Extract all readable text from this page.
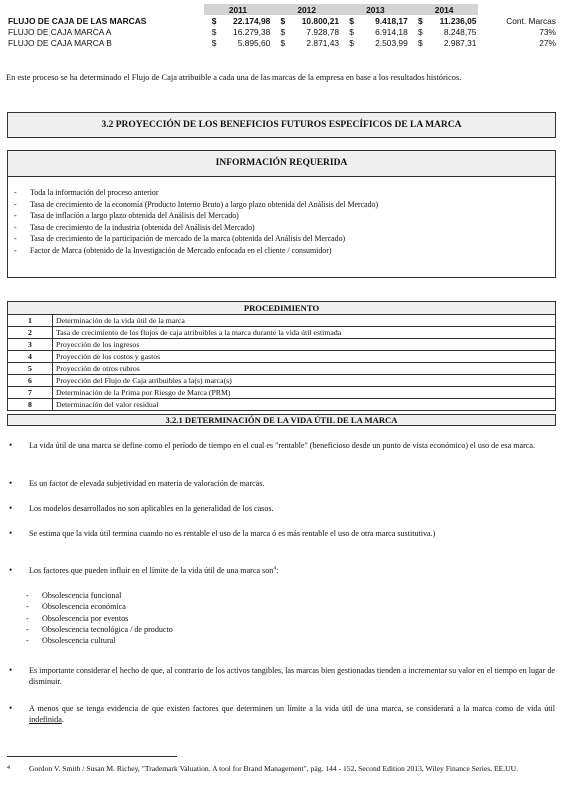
	2011		2012		2013		2014		
FLUJO DE CAJA DE LAS MARCAS	$	22.174,98	$	10.800,21	$	9.418,17	$	11.236,05	Cont. Marcas
FLUJO DE CAJA MARCA A	$	16.279,38	$	7.928,78	$	6.914,18	$	8.248,75	73%
FLUJO DE CAJA MARCA B	$	5.895,60	$	2.871,43	$	2.503,99	$	2.987,31	27%

En este proceso se ha determinado el Flujo de Caja atribuible a cada una de las marcas de la empresa en base a los resultados históricos.

3.2 PROYECCIÓN DE LOS BENEFICIOS FUTUROS ESPECÍFICOS DE LA MARCA
INFORMACIÓN REQUERIDA
- Toda la información del proceso anterior
- Tasa de crecimiento de la economía (Producto Interno Bruto) a largo plazo obtenida del Análisis del Mercado)
- Tasa de inflación a largo plazo obtenida del Análisis del Mercado)
- Tasa de crecimiento de la industria (obtenida del Análisis del Mercado)
- Tasa de crecimiento de la participación de mercado de la marca (obtenida del Análisis del Mercado)
- Factor de Marca (obtenido de la Investigación de Mercado enfocada en el cliente / consumidor)
PROCEDIMIENTO	
1	Determinación de la vida útil de la marca
2	Tasa de crecimiento de los flujos de caja atribuibles a la marca durante la vida útil estimada
3	Proyección de los ingresos
4	Proyección de los costos y gastos
5	Proyección de otros rubros
6	Proyección del Flujo de Caja atribuibles a la(s) marca(s)
7	Determinación de la Prima por Riesgo de Marca (PRM)
8	Determinación del valor residual
3.2.1 DETERMINACIÓN DE LA VIDA ÚTIL DE LA MARCA
• La vida útil de una marca se define como el período de tiempo en el cual es "rentable" (beneficioso desde un punto de vista económico) el uso de esa marca.
• Es un factor de elevada subjetividad en materia de valoración de marcas.
• Los modelos desarrollados no son aplicables en la generalidad de los casos.
• Se estima que la vida útil termina cuando no es rentable el uso de la marca ó es más rentable el uso de otra marca sustitutiva.)
• Los factores que pueden influir en el límite de la vida útil de una marca son$^4$:
- Obsolescencia funcional
- Obsolescencia económica
- Obsolescencia por eventos
- Obsolescencia tecnológica / de producto
- Obsolescencia cultural
• Es importante considerar el hecho de que, al contrario de los activos tangibles, las marcas bien gestionadas tienden a incrementar su valor en el tiempo en lugar de disminuir.
• A menos que se tenga evidencia de que existen factores que determinen un límite a la vida útil de una marca, se considerará a la marca como de vida útil indefinida.
4	Gordon V. Smith / Susan M. Richey, "Trademark Valuation. A tool for Brand Management", pág. 144 - 152, Second Edition 2013, Wiley Finance Series, EE.UU.
